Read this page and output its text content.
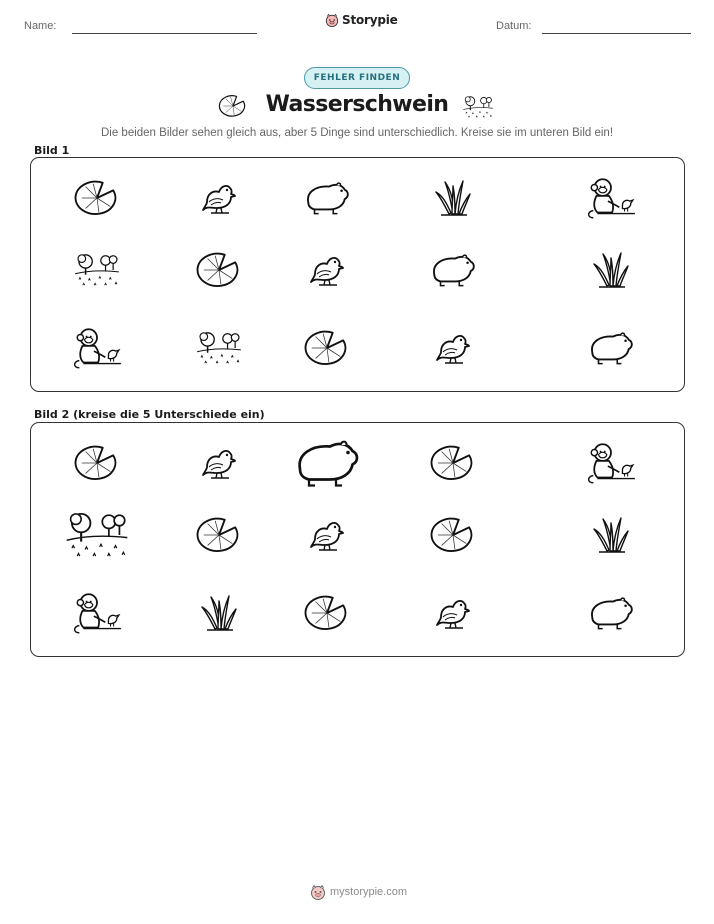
Name:	Storypie	Datum:
FEHLER FINDEN
Wasserschwein
Die beiden Bilder sehen gleich aus, aber 5 Dinge sind unterschiedlich. Kreise sie im unteren Bild ein!
Bild 1
Bild 2 (kreise die 5 Unterschiede ein)
mystorypie.com
